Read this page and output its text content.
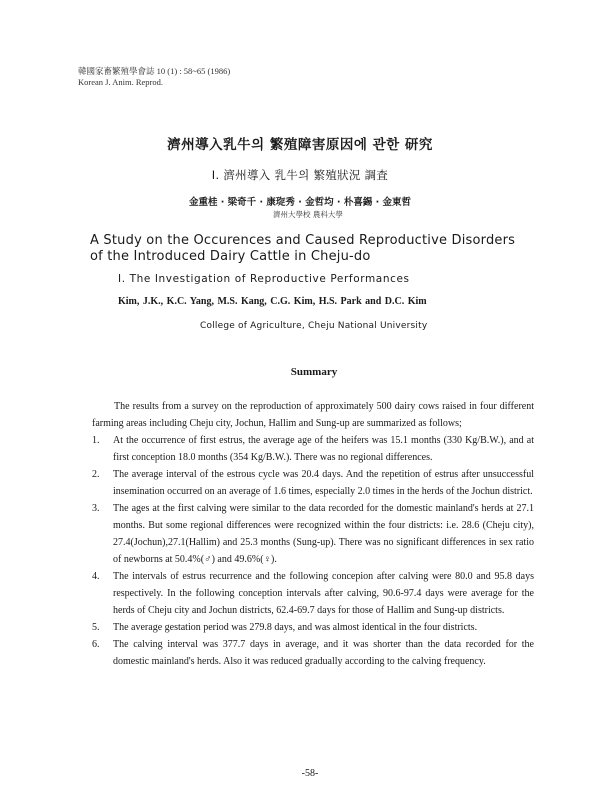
韓國家畜繁殖學會誌 10 (1) : 58~65 (1986)
Korean J. Anim. Reprod.
濟州導入乳牛의 繁殖障害原因에 관한 研究
Ⅰ. 濟州導入 乳牛의 繁殖狀況 調査
金重桂 · 梁奇千 · 康琁秀 · 金哲均 · 朴喜錫 · 金東哲
濟州大學校 農科大學
A Study on the Occurences and Caused Reproductive Disorders
of the Introduced Dairy Cattle in Cheju-do
I. The Investigation of Reproductive Performances
Kim, J.K., K.C. Yang, M.S. Kang, C.G. Kim, H.S. Park and D.C. Kim
College of Agriculture, Cheju National University
Summary

The results from a survey on the reproduction of approximately 500 dairy cows raised in four different farming areas including Cheju city, Jochun, Hallim and Sung-up are summarized as follows;

1. At the occurrence of first estrus, the average age of the heifers was 15.1 months (330 Kg/B.W.), and at first conception 18.0 months (354 Kg/B.W.). There was no regional differences.
2. The average interval of the estrous cycle was 20.4 days. And the repetition of estrus after unsuccessful insemination occurred on an average of 1.6 times, especially 2.0 times in the herds of the Jochun district.
3. The ages at the first calving were similar to the data recorded for the domestic mainland's herds at 27.1 months. But some regional differences were recognized within the four districts: i.e. 28.6 (Cheju city), 27.4(Jochun),27.1(Hallim) and 25.3 months (Sung-up). There was no significant differences in sex ratio of newborns at 50.4%(♂) and 49.6%(♀).
4. The intervals of estrus recurrence and the following concepion after calving were 80.0 and 95.8 days respectively. In the following conception intervals after calving, 90.6-97.4 days were average for the herds of Cheju city and Jochun districts, 62.4-69.7 days for those of Hallim and Sung-up districts.
5. The average gestation period was 279.8 days, and was almost identical in the four districts.
6. The calving interval was 377.7 days in average, and it was shorter than the data recorded for the domestic mainland's herds. Also it was reduced gradually according to the calving frequency.
-58-
